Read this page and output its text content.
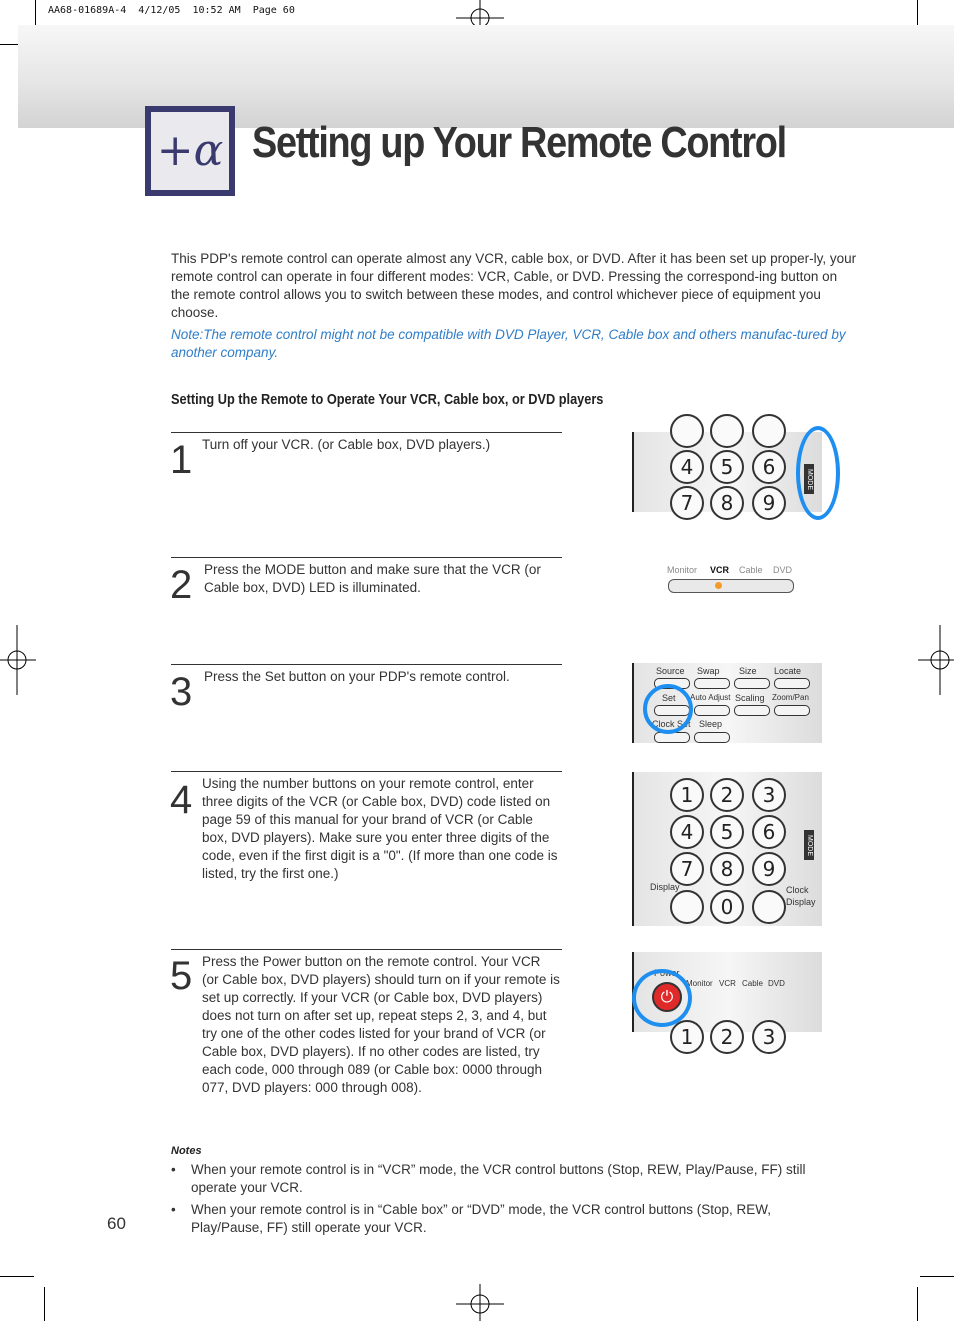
AA68-01689A-4  4/12/05  10:52 AM  Page 60
+α Setting up Your Remote Control
This PDP's remote control can operate almost any VCR, cable box, or DVD. After it has been set up proper-ly, your remote control can operate in four different modes: VCR, Cable, or DVD. Pressing the correspond-ing button on the remote control allows you to switch between these modes, and control whichever piece of equipment you choose.
Note:The remote control might not be compatible with DVD Player, VCR, Cable box and others manufac-tured by another company.
Setting Up the Remote to Operate Your VCR, Cable box, or DVD players
1 Turn off your VCR. (or Cable box, DVD players.)
2 Press the MODE button and make sure that the VCR (or Cable box, DVD) LED is illuminated.
3 Press the Set button on your PDP's remote control.
4 Using the number buttons on your remote control, enter three digits of the VCR (or Cable box, DVD) code listed on page 59 of this manual for your brand of VCR (or Cable box, DVD players). Make sure you enter three digits of the code, even if the first digit is a "0". (If more than one code is listed, try the first one.)
5 Press the Power button on the remote control. Your VCR (or Cable box, DVD players) should turn on if your remote is set up correctly. If your VCR (or Cable box, DVD players) does not turn on after set up, repeat steps 2, 3, and 4, but try one of the other codes listed for your brand of VCR (or Cable box, DVD players). If no other codes are listed, try each code, 000 through 089 (or Cable box: 0000 through 077, DVD players: 000 through 008).
4	5	6
7	8	9
MODE
Monitor VCR Cable DVD
Source Swap Size Locate
Set Auto Adjust Scaling Zoom/Pan
Clock Set Sleep
1	2	3
4	5	6
7	8	9
Display
0
Clock Display
MODE
Power
Monitor VCR Cable DVD
⏻
1	2	3
Notes
• When your remote control is in “VCR” mode, the VCR control buttons (Stop, REW, Play/Pause, FF) still operate your VCR.
• When your remote control is in “Cable box” or “DVD” mode, the VCR control buttons (Stop, REW, Play/Pause, FF) still operate your VCR.
60
